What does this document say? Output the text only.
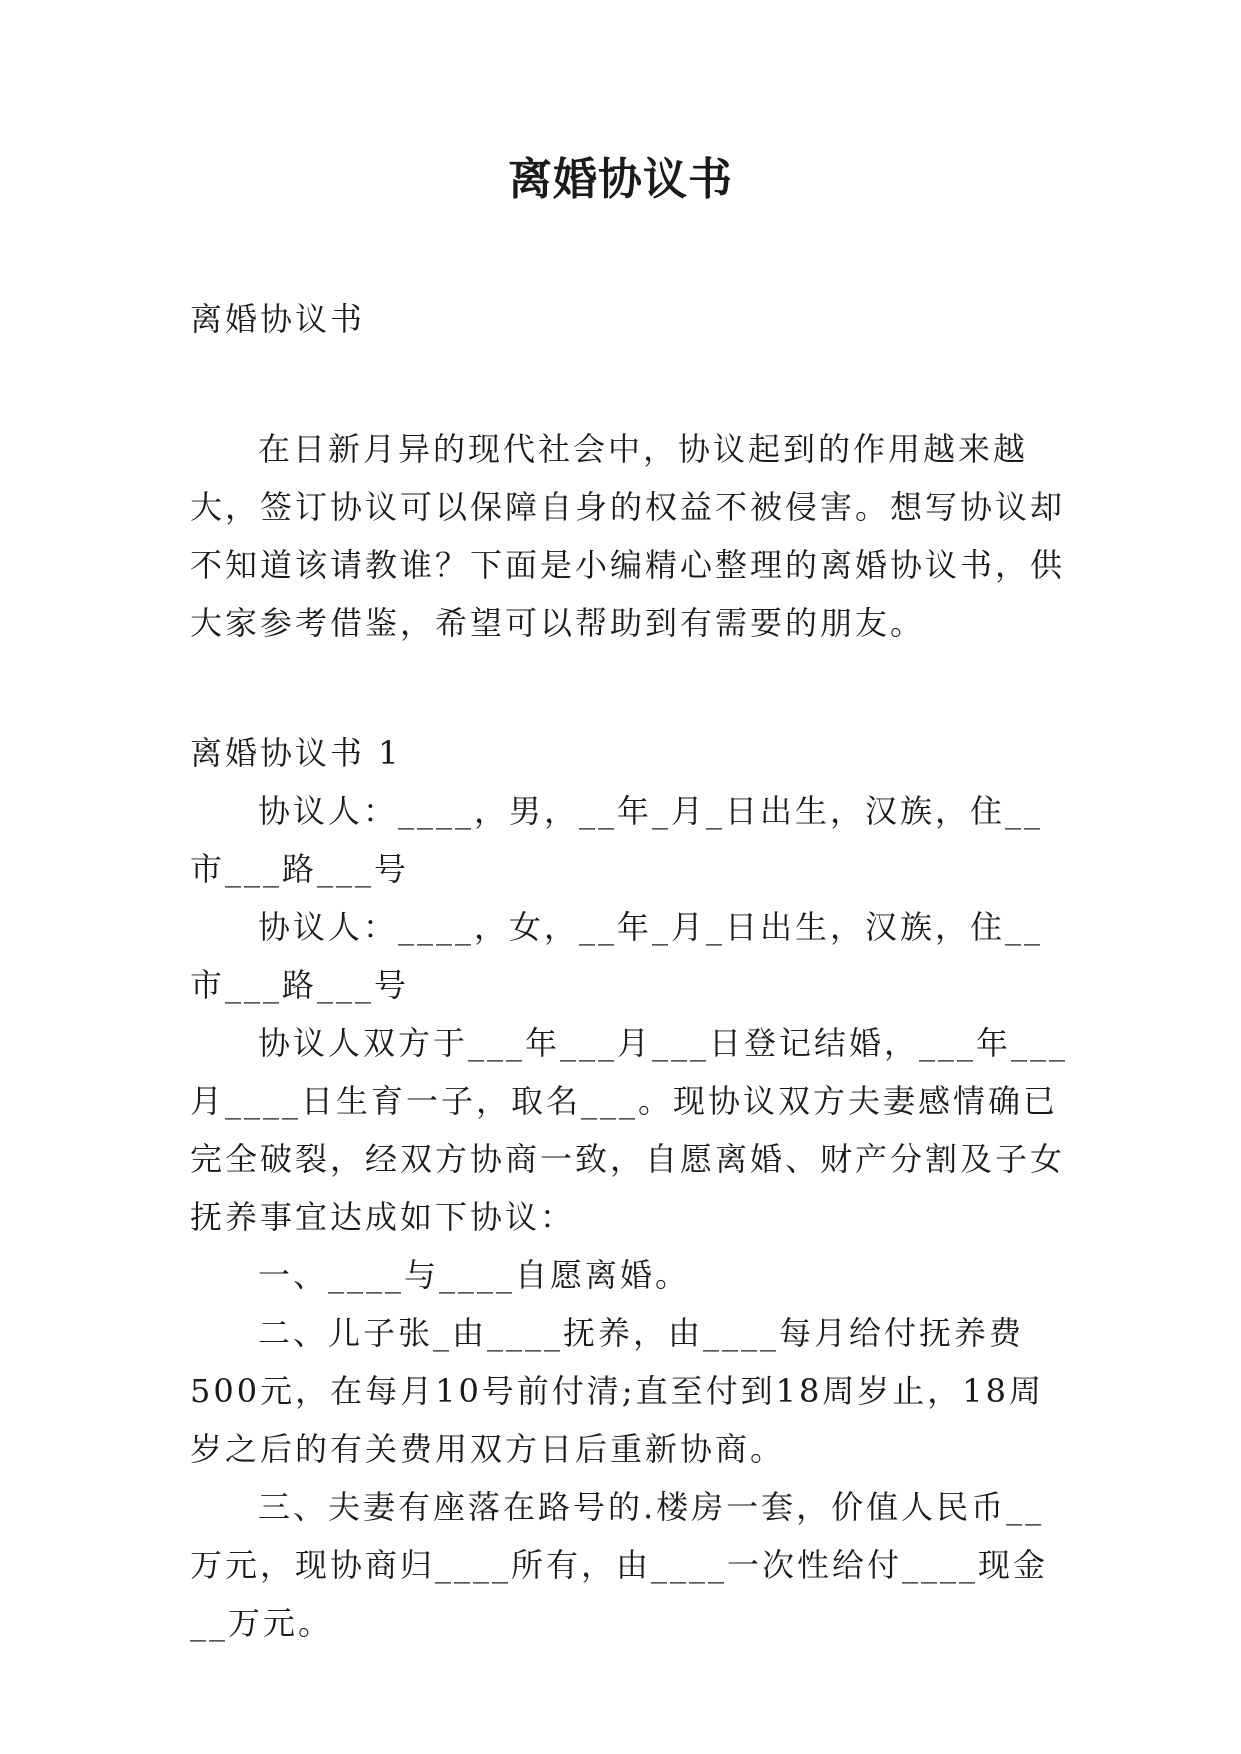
离婚协议书

离婚协议书

在日新月异的现代社会中，协议起到的作用越来越大，签订协议可以保障自身的权益不被侵害。想写协议却不知道该请教谁？下面是小编精心整理的离婚协议书，供大家参考借鉴，希望可以帮助到有需要的朋友。

离婚协议书 1

协议人：____，男，__年_月_日出生，汉族，住__市___路___号

协议人：____，女，__年_月_日出生，汉族，住__市___路___号

协议人双方于___年___月___日登记结婚，___年___月____日生育一子，取名___。现协议双方夫妻感情确已完全破裂，经双方协商一致，自愿离婚、财产分割及子女抚养事宜达成如下协议：

一、____与____自愿离婚。

二、儿子张_由____抚养，由____每月给付抚养费500元，在每月10号前付清;直至付到18周岁止，18周岁之后的有关费用双方日后重新协商。

三、夫妻有座落在路号的.楼房一套，价值人民币__万元，现协商归____所有，由____一次性给付____现金__万元。
